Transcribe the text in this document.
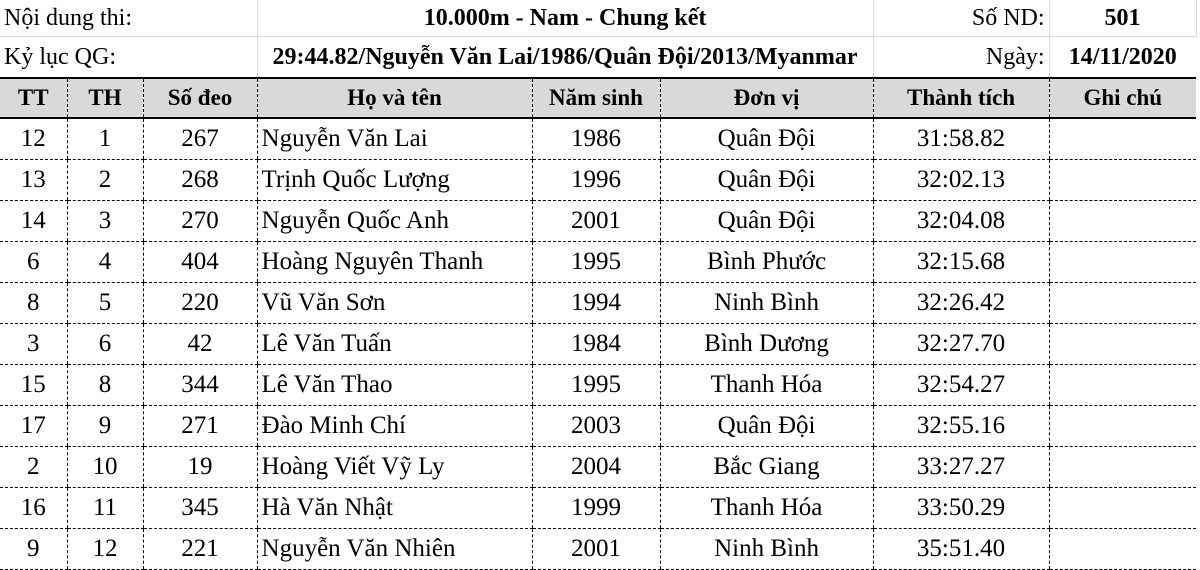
Nội dung thi:			10.000m - Nam - Chung kết			Số ND:	501
Kỷ lục QG:			29:44.82/Nguyễn Văn Lai/1986/Quân Đội/2013/Myanmar			Ngày:	14/11/2020
TT	TH	Số đeo	Họ và tên	Năm sinh	Đơn vị	Thành tích	Ghi chú
12	1	267	Nguyễn Văn Lai	1986	Quân Đội	31:58.82	
13	2	268	Trịnh Quốc Lượng	1996	Quân Đội	32:02.13	
14	3	270	Nguyễn Quốc Anh	2001	Quân Đội	32:04.08	
6	4	404	Hoàng Nguyên Thanh	1995	Bình Phước	32:15.68	
8	5	220	Vũ Văn Sơn	1994	Ninh Bình	32:26.42	
3	6	42	Lê Văn Tuấn	1984	Bình Dương	32:27.70	
15	8	344	Lê Văn Thao	1995	Thanh Hóa	32:54.27	
17	9	271	Đào Minh Chí	2003	Quân Đội	32:55.16	
2	10	19	Hoàng Viết Vỹ Ly	2004	Bắc Giang	33:27.27	
16	11	345	Hà Văn Nhật	1999	Thanh Hóa	33:50.29	
9	12	221	Nguyễn Văn Nhiên	2001	Ninh Bình	35:51.40	
